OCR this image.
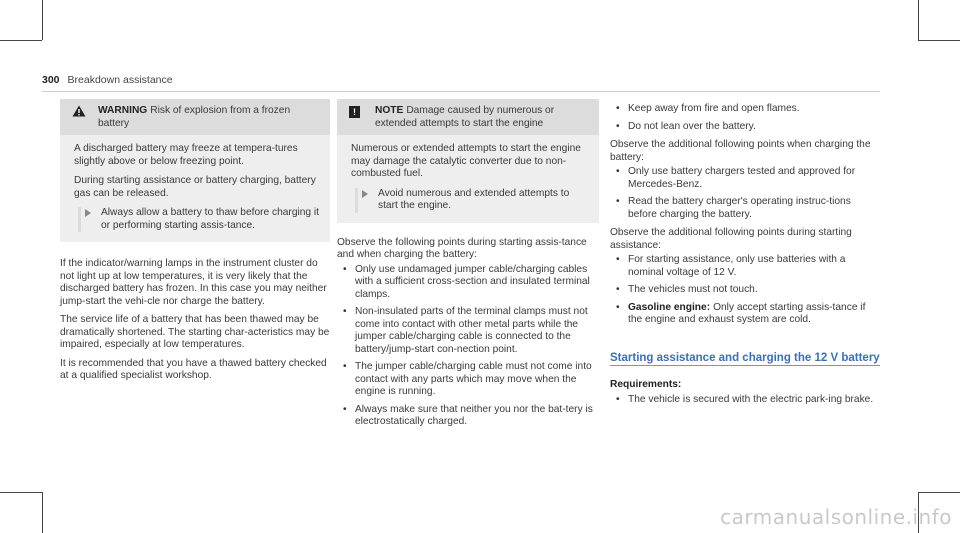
300 Breakdown assistance
WARNING Risk of explosion from a frozen battery

A discharged battery may freeze at tempera-tures slightly above or below freezing point.

During starting assistance or battery charging, battery gas can be released.

Always allow a battery to thaw before charging it or performing starting assis-tance.

If the indicator/warning lamps in the instrument cluster do not light up at low temperatures, it is very likely that the discharged battery has frozen. In this case you may neither jump-start the vehi-cle nor charge the battery.

The service life of a battery that has been thawed may be dramatically shortened. The starting char-acteristics may be impaired, especially at low temperatures.

It is recommended that you have a thawed battery checked at a qualified specialist workshop.

!	NOTE Damage caused by numerous or extended attempts to start the engine

Numerous or extended attempts to start the engine may damage the catalytic converter due to non-combusted fuel.

Avoid numerous and extended attempts to start the engine.

Observe the following points during starting assis-tance and when charging the battery:

• Only use undamaged jumper cable/charging cables with a sufficient cross-section and insulated terminal clamps.
• Non-insulated parts of the terminal clamps must not come into contact with other metal parts while the jumper cable/charging cable is connected to the battery/jump-start con-nection point.
• The jumper cable/charging cable must not come into contact with any parts which may move when the engine is running.
• Always make sure that neither you nor the bat-tery is electrostatically charged.
• Keep away from fire and open flames.
• Do not lean over the battery.

Observe the additional following points when charging the battery:

• Only use battery chargers tested and approved for Mercedes-Benz.
• Read the battery charger's operating instruc-tions before charging the battery.

Observe the additional following points during starting assistance:

• For starting assistance, only use batteries with a nominal voltage of 12 V.
• The vehicles must not touch.
• Gasoline engine: Only accept starting assis-tance if the engine and exhaust system are cold.
Starting assistance and charging the 12 V battery
Requirements:
• The vehicle is secured with the electric park-ing brake.
carmanualsonline.info
